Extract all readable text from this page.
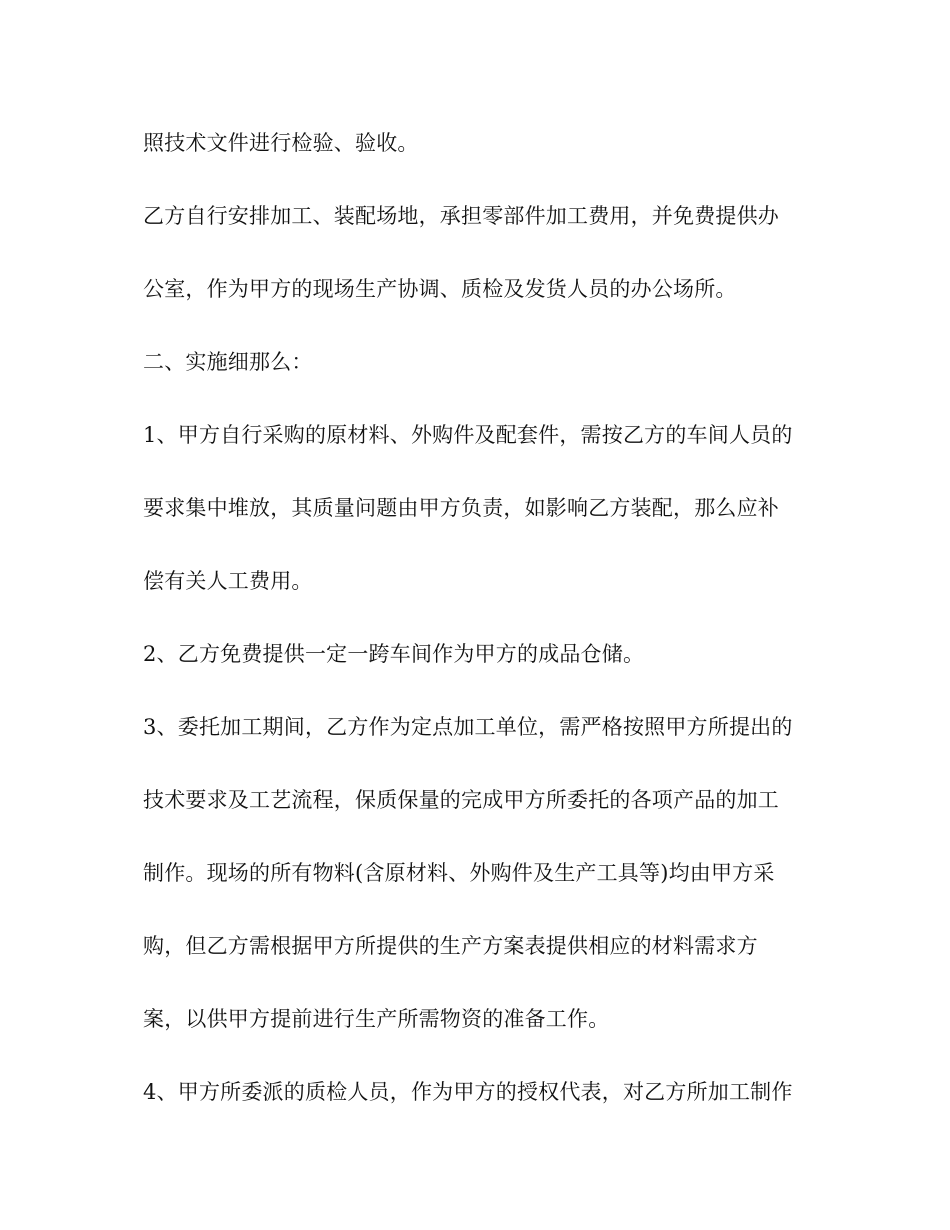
照技术文件进行检验、验收。
乙方自行安排加工、装配场地，承担零部件加工费用，并免费提供办
公室，作为甲方的现场生产协调、质检及发货人员的办公场所。
二、实施细那么：
1、甲方自行采购的原材料、外购件及配套件，需按乙方的车间人员的
要求集中堆放，其质量问题由甲方负责，如影响乙方装配，那么应补
偿有关人工费用。
2、乙方免费提供一定一跨车间作为甲方的成品仓储。
3、委托加工期间，乙方作为定点加工单位，需严格按照甲方所提出的
技术要求及工艺流程，保质保量的完成甲方所委托的各项产品的加工
制作。现场的所有物料(含原材料、外购件及生产工具等)均由甲方采
购，但乙方需根据甲方所提供的生产方案表提供相应的材料需求方
案，以供甲方提前进行生产所需物资的准备工作。
4、甲方所委派的质检人员，作为甲方的授权代表，对乙方所加工制作
